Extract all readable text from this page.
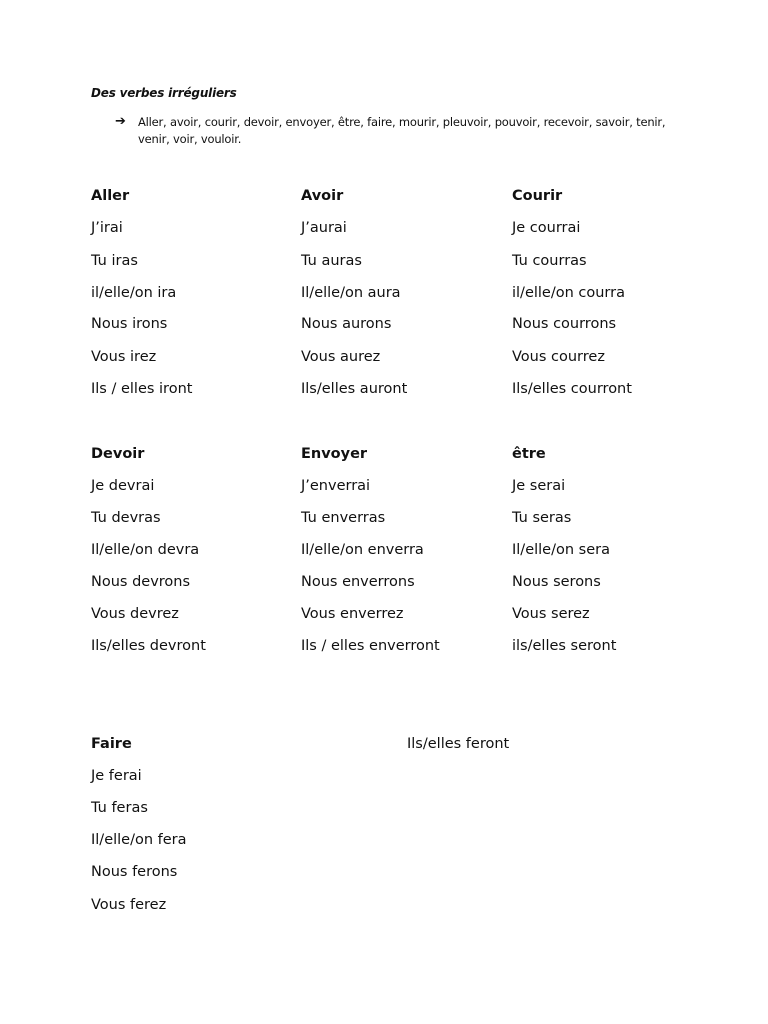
Des verbes irréguliers
➔ Aller, avoir, courir, devoir, envoyer, être, faire, mourir, pleuvoir, pouvoir, recevoir, savoir, tenir, venir, voir, vouloir.
Aller
J’irai
Tu iras
il/elle/on ira
Nous irons
Vous irez
Ils / elles iront
Avoir
J’aurai
Tu auras
Il/elle/on aura
Nous aurons
Vous aurez
Ils/elles auront
Courir
Je courrai
Tu courras
il/elle/on courra
Nous courrons
Vous courrez
Ils/elles courront
Devoir
Je devrai
Tu devras
Il/elle/on devra
Nous devrons
Vous devrez
Ils/elles devront
Envoyer
J’enverrai
Tu enverras
Il/elle/on enverra
Nous enverrons
Vous enverrez
Ils / elles enverront
être
Je serai
Tu seras
Il/elle/on sera
Nous serons
Vous serez
ils/elles seront
Faire
Je ferai
Tu feras
Il/elle/on fera
Nous ferons
Vous ferez
Ils/elles feront
